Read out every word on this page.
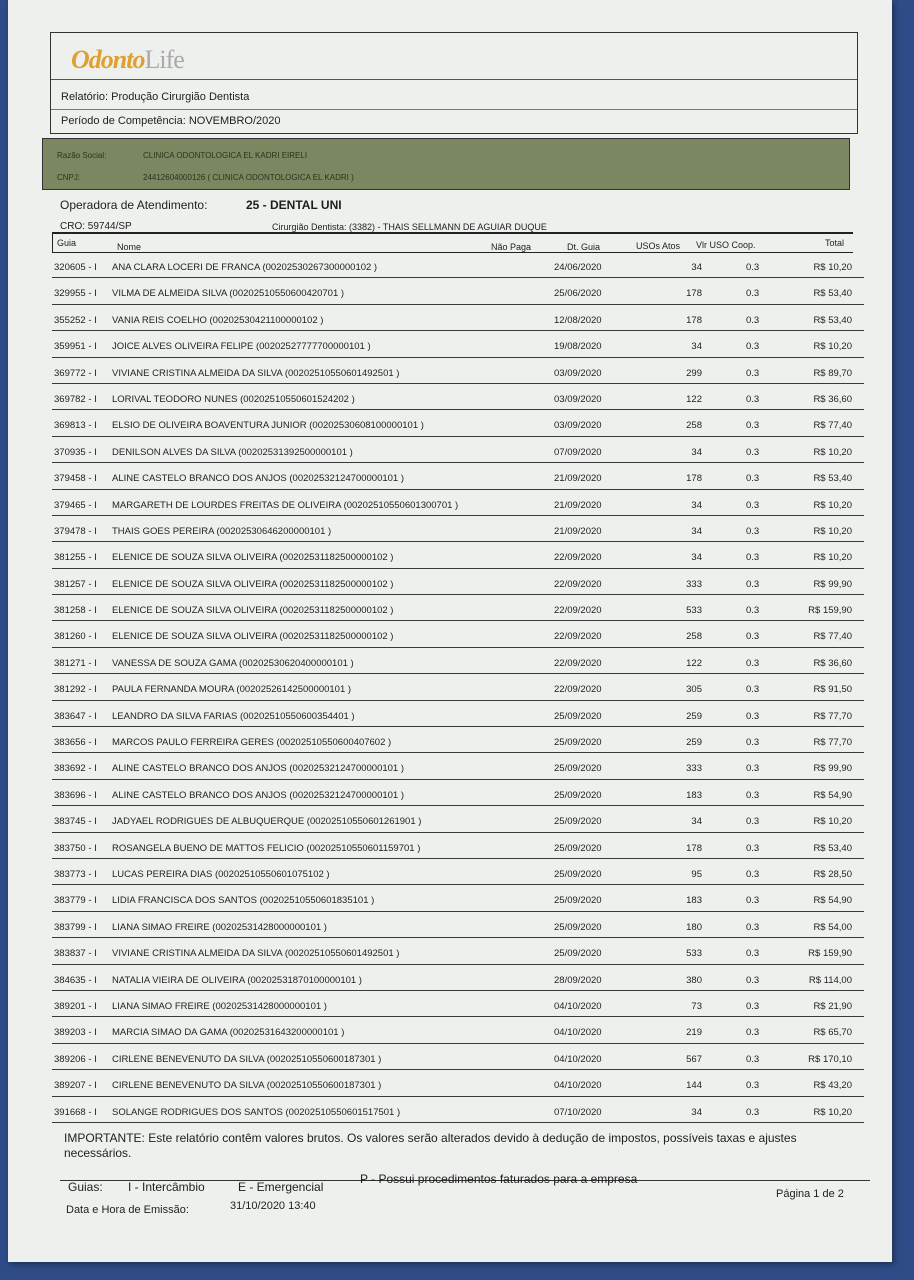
OdontoLife
Relatório: Produção Cirurgião Dentista
Período de Competência: NOVEMBRO/2020
Razão Social:	CLINICA ODONTOLOGICA EL KADRI EIRELI
CNPJ:	24412604000126 ( CLINICA ODONTOLOGICA EL KADRI )
Operadora de Atendimento:	25 - DENTAL UNI
CRO: 59744/SP	Cirurgião Dentista: (3382) - THAIS SELLMANN DE AGUIAR DUQUE
Guia	Nome	Não Paga	Dt. Guia	USOs Atos Vlr USO Coop.	Total
320605 - I ANA CLARA LOCERI DE FRANCA (00202530267300000102 )	24/06/2020	34	0.3	R$ 10,20
329955 - I VILMA DE ALMEIDA SILVA (00202510550600420701 )	25/06/2020	178	0.3	R$ 53,40
355252 - I VANIA REIS COELHO (00202530421100000102 )	12/08/2020	178	0.3	R$ 53,40
359951 - I JOICE ALVES OLIVEIRA FELIPE (00202527777700000101 )	19/08/2020	34	0.3	R$ 10,20
369772 - I VIVIANE CRISTINA ALMEIDA DA SILVA (00202510550601492501 )	03/09/2020	299	0.3	R$ 89,70
369782 - I LORIVAL TEODORO NUNES (00202510550601524202 )	03/09/2020	122	0.3	R$ 36,60
369813 - I ELSIO DE OLIVEIRA BOAVENTURA JUNIOR (00202530608100000101 )	03/09/2020	258	0.3	R$ 77,40
370935 - I DENILSON ALVES DA SILVA (00202531392500000101 )	07/09/2020	34	0.3	R$ 10,20
379458 - I ALINE CASTELO BRANCO DOS ANJOS (00202532124700000101 )	21/09/2020	178	0.3	R$ 53,40
379465 - I MARGARETH DE LOURDES FREITAS DE OLIVEIRA (00202510550601300701 )	21/09/2020	34	0.3	R$ 10,20
379478 - I THAIS GOES PEREIRA (00202530646200000101 )	21/09/2020	34	0.3	R$ 10,20
381255 - I ELENICE DE SOUZA SILVA OLIVEIRA (00202531182500000102 )	22/09/2020	34	0.3	R$ 10,20
381257 - I ELENICE DE SOUZA SILVA OLIVEIRA (00202531182500000102 )	22/09/2020	333	0.3	R$ 99,90
381258 - I ELENICE DE SOUZA SILVA OLIVEIRA (00202531182500000102 )	22/09/2020	533	0.3	R$ 159,90
381260 - I ELENICE DE SOUZA SILVA OLIVEIRA (00202531182500000102 )	22/09/2020	258	0.3	R$ 77,40
381271 - I VANESSA DE SOUZA GAMA (00202530620400000101 )	22/09/2020	122	0.3	R$ 36,60
381292 - I PAULA FERNANDA MOURA (00202526142500000101 )	22/09/2020	305	0.3	R$ 91,50
383647 - I LEANDRO DA SILVA FARIAS (00202510550600354401 )	25/09/2020	259	0.3	R$ 77,70
383656 - I MARCOS PAULO FERREIRA GERES (00202510550600407602 )	25/09/2020	259	0.3	R$ 77,70
383692 - I ALINE CASTELO BRANCO DOS ANJOS (00202532124700000101 )	25/09/2020	333	0.3	R$ 99,90
383696 - I ALINE CASTELO BRANCO DOS ANJOS (00202532124700000101 )	25/09/2020	183	0.3	R$ 54,90
383745 - I JADYAEL RODRIGUES DE ALBUQUERQUE (00202510550601261901 )	25/09/2020	34	0.3	R$ 10,20
383750 - I ROSANGELA BUENO DE MATTOS FELICIO (00202510550601159701 )	25/09/2020	178	0.3	R$ 53,40
383773 - I LUCAS PEREIRA DIAS (00202510550601075102 )	25/09/2020	95	0.3	R$ 28,50
383779 - I LIDIA FRANCISCA DOS SANTOS (00202510550601835101 )	25/09/2020	183	0.3	R$ 54,90
383799 - I LIANA SIMAO FREIRE (00202531428000000101 )	25/09/2020	180	0.3	R$ 54,00
383837 - I VIVIANE CRISTINA ALMEIDA DA SILVA (00202510550601492501 )	25/09/2020	533	0.3	R$ 159,90
384635 - I NATALIA VIEIRA DE OLIVEIRA (00202531870100000101 )	28/09/2020	380	0.3	R$ 114,00
389201 - I LIANA SIMAO FREIRE (00202531428000000101 )	04/10/2020	73	0.3	R$ 21,90
389203 - I MARCIA SIMAO DA GAMA (00202531643200000101 )	04/10/2020	219	0.3	R$ 65,70
389206 - I CIRLENE BENEVENUTO DA SILVA (00202510550600187301 )	04/10/2020	567	0.3	R$ 170,10
389207 - I CIRLENE BENEVENUTO DA SILVA (00202510550600187301 )	04/10/2020	144	0.3	R$ 43,20
391668 - I SOLANGE RODRIGUES DOS SANTOS (00202510550601517501 )	07/10/2020	34	0.3	R$ 10,20
IMPORTANTE: Este relatório contêm valores brutos. Os valores serão alterados devido à dedução de impostos, possíveis taxas e ajustes necessários.
Guias: I - Intercâmbio	E - Emergencial
P - Possui procedimentos faturados para a empresa
Página 1 de 2
Data e Hora de Emissão:	31/10/2020 13:40
